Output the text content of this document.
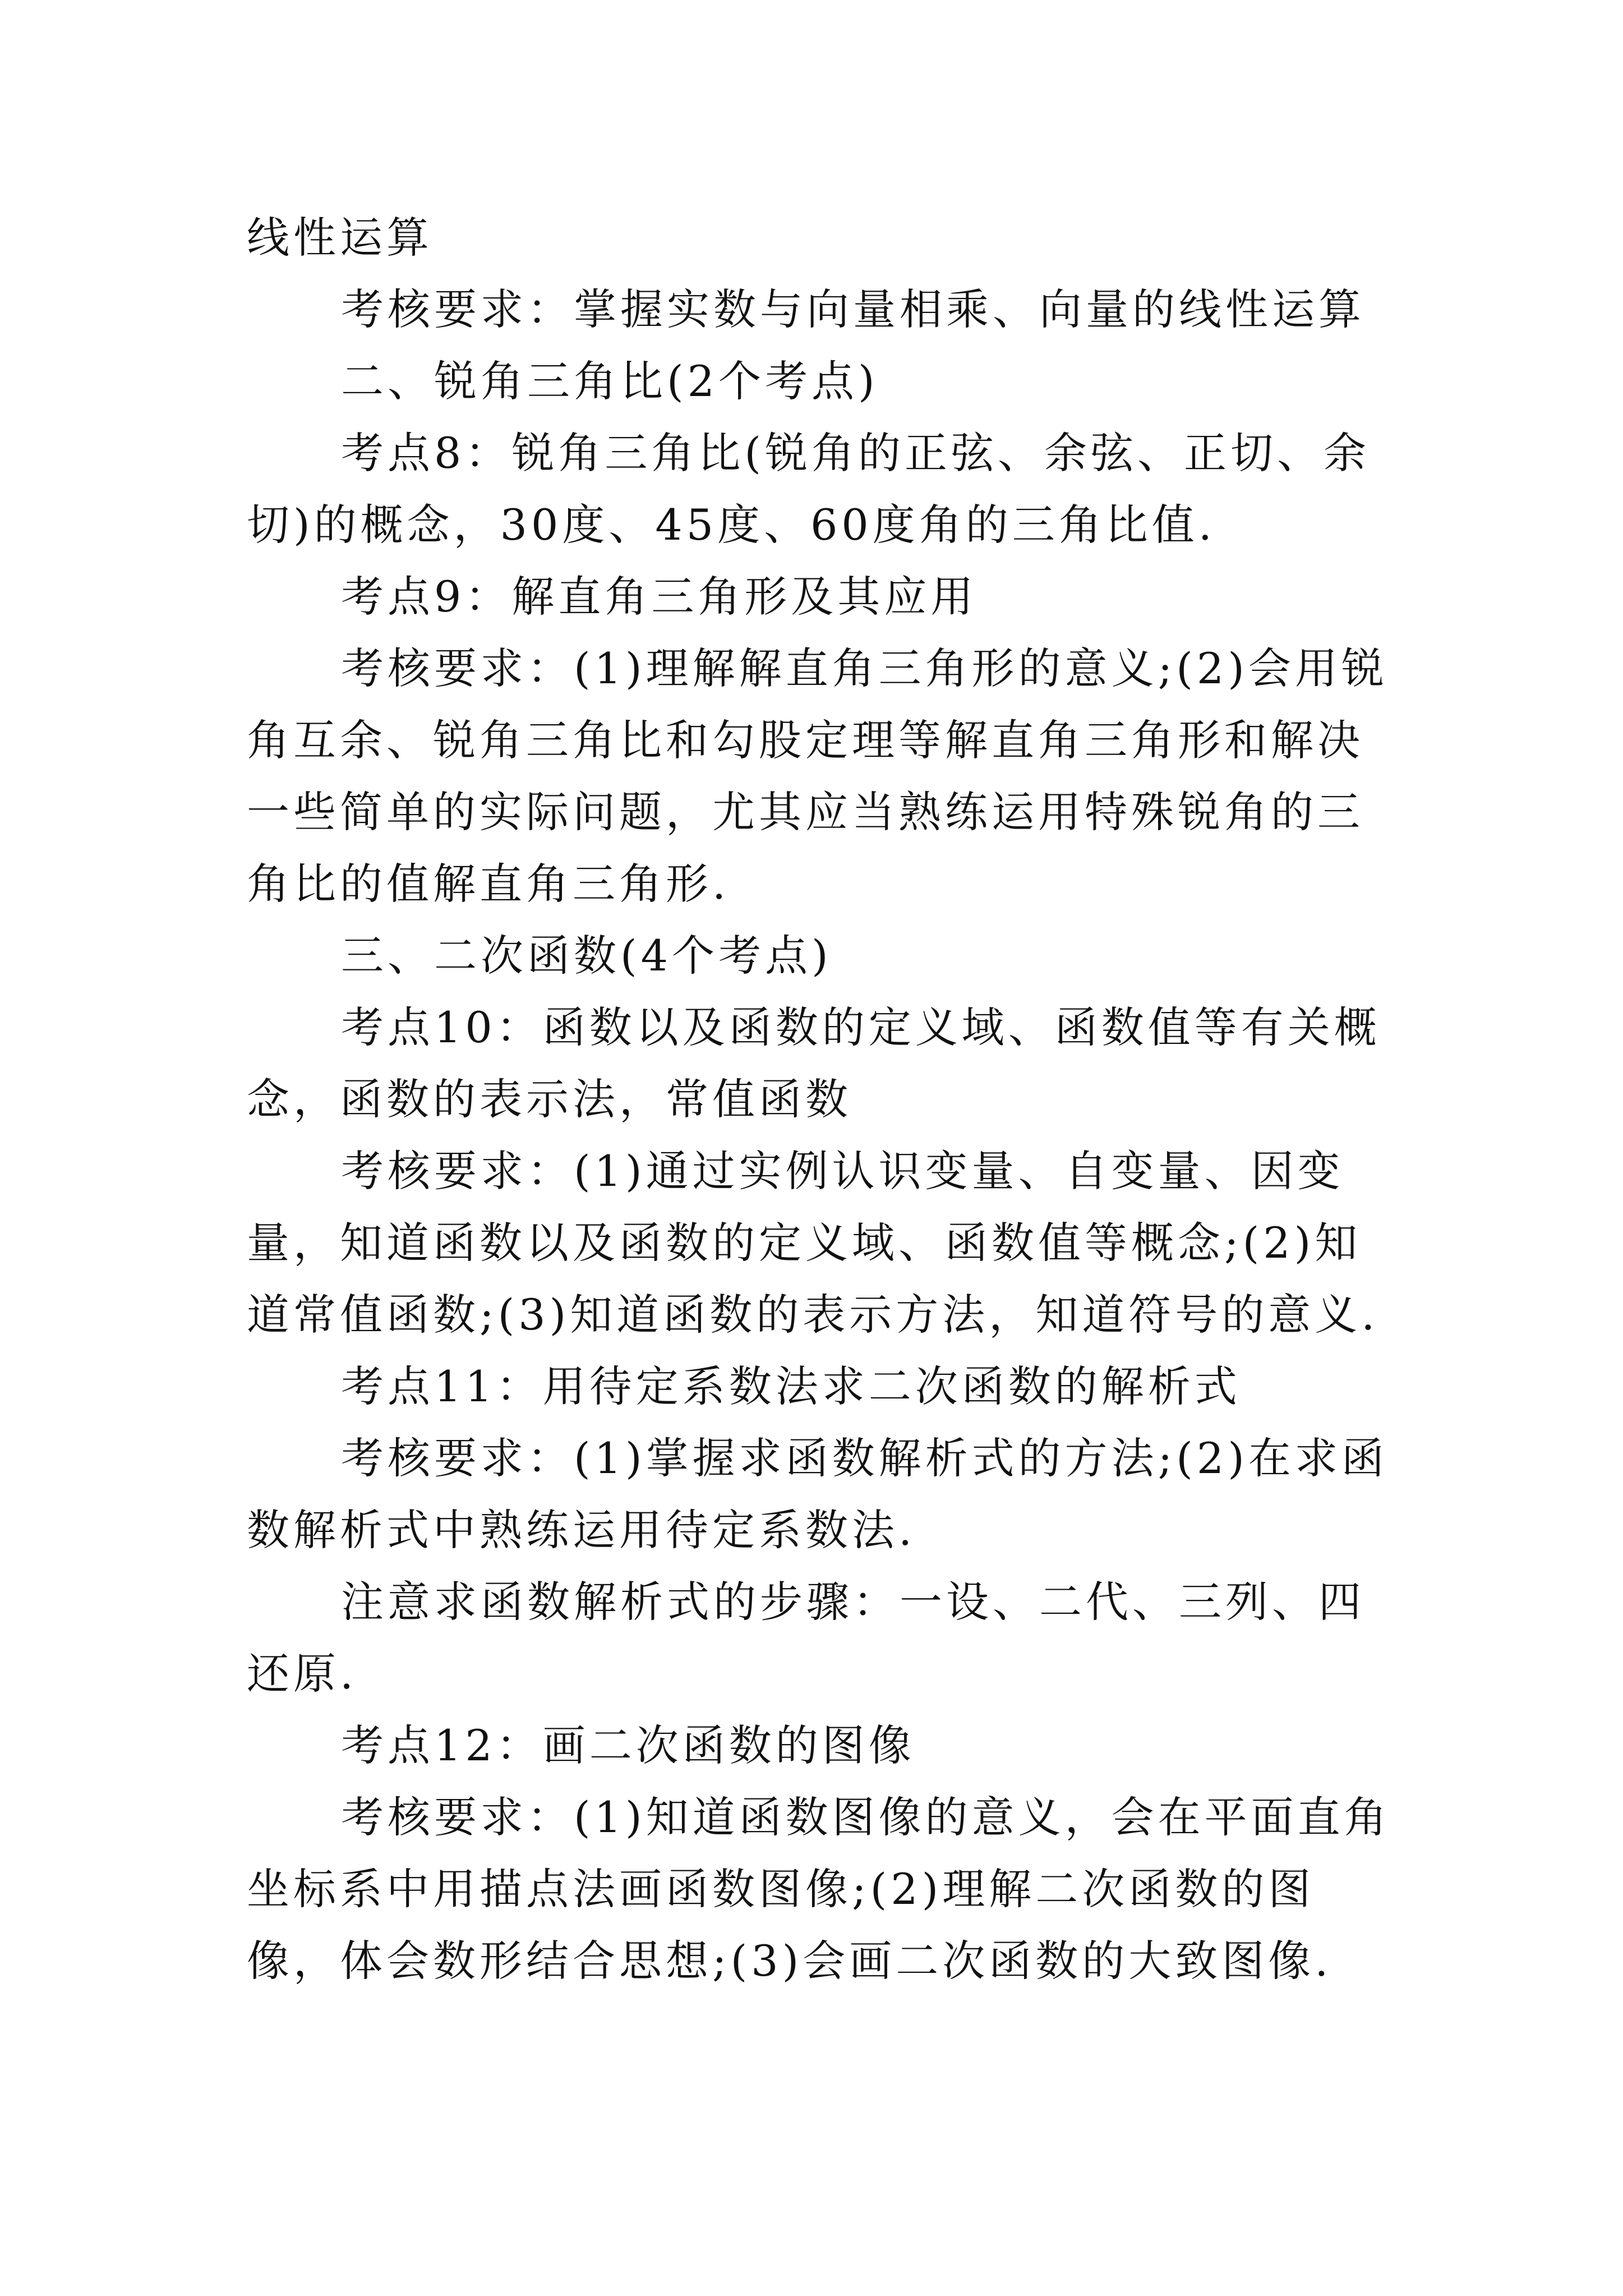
线性运算

考核要求：掌握实数与向量相乘、向量的线性运算

二、锐角三角比(2个考点)

考点8：锐角三角比(锐角的正弦、余弦、正切、余切)的概念，30度、45度、60度角的三角比值.

考点9：解直角三角形及其应用

考核要求：(1)理解解直角三角形的意义;(2)会用锐角互余、锐角三角比和勾股定理等解直角三角形和解决一些简单的实际问题，尤其应当熟练运用特殊锐角的三角比的值解直角三角形.

三、二次函数(4个考点)

考点10：函数以及函数的定义域、函数值等有关概念，函数的表示法，常值函数

考核要求：(1)通过实例认识变量、自变量、因变量，知道函数以及函数的定义域、函数值等概念;(2)知道常值函数;(3)知道函数的表示方法，知道符号的意义.

考点11：用待定系数法求二次函数的解析式

考核要求：(1)掌握求函数解析式的方法;(2)在求函数解析式中熟练运用待定系数法.

注意求函数解析式的步骤：一设、二代、三列、四还原.

考点12：画二次函数的图像

考核要求：(1)知道函数图像的意义，会在平面直角坐标系中用描点法画函数图像;(2)理解二次函数的图像，体会数形结合思想;(3)会画二次函数的大致图像.
